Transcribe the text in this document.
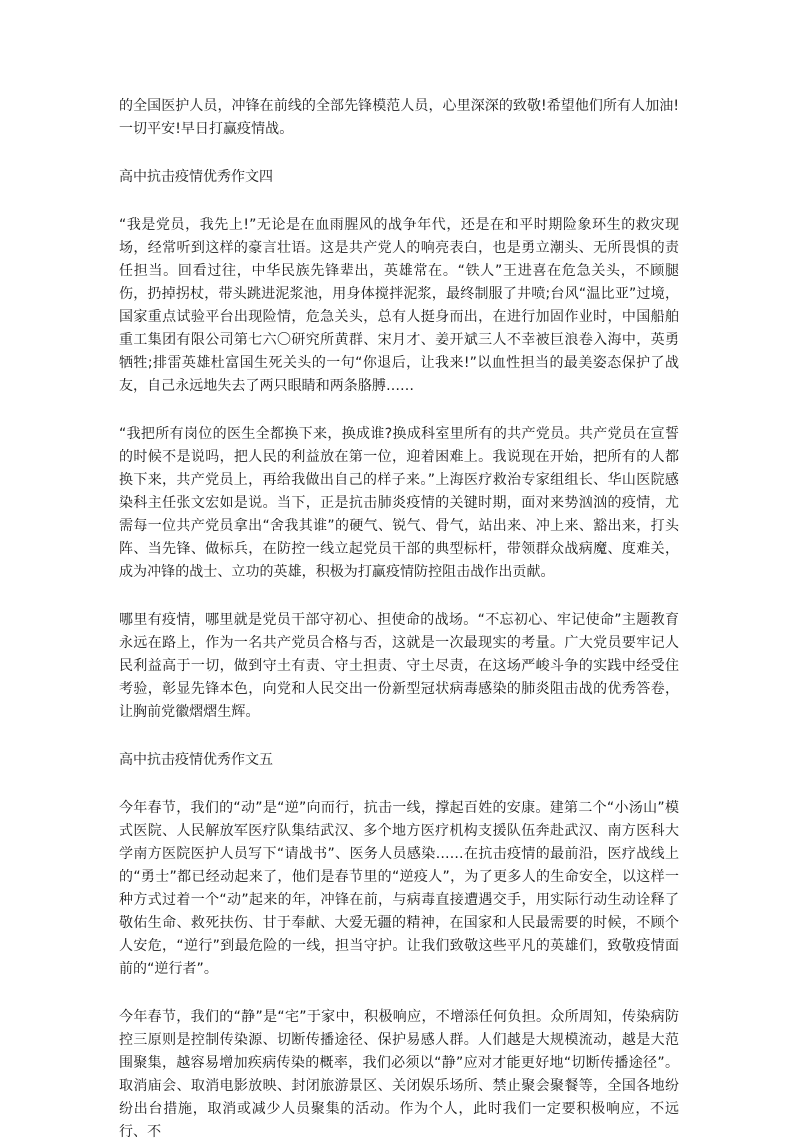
的全国医护人员，冲锋在前线的全部先锋模范人员，心里深深的致敬!希望他们所有人加油!一切平安!早日打赢疫情战。

高中抗击疫情优秀作文四

“我是党员，我先上!”无论是在血雨腥风的战争年代，还是在和平时期险象环生的救灾现场，经常听到这样的豪言壮语。这是共产党人的响亮表白，也是勇立潮头、无所畏惧的责任担当。回看过往，中华民族先锋辈出，英雄常在。“铁人”王进喜在危急关头，不顾腿伤，扔掉拐杖，带头跳进泥浆池，用身体搅拌泥浆，最终制服了井喷;台风“温比亚”过境，国家重点试验平台出现险情，危急关头，总有人挺身而出，在进行加固作业时，中国船舶重工集团有限公司第七六〇研究所黄群、宋月才、姜开斌三人不幸被巨浪卷入海中，英勇牺牲;排雷英雄杜富国生死关头的一句“你退后，让我来!”以血性担当的最美姿态保护了战友，自己永远地失去了两只眼睛和两条胳膊……

“我把所有岗位的医生全都换下来，换成谁?换成科室里所有的共产党员。共产党员在宣誓的时候不是说吗，把人民的利益放在第一位，迎着困难上。我说现在开始，把所有的人都换下来，共产党员上，再给我做出自己的样子来。”上海医疗救治专家组组长、华山医院感染科主任张文宏如是说。当下，正是抗击肺炎疫情的关键时期，面对来势汹汹的疫情，尤需每一位共产党员拿出“舍我其谁”的硬气、锐气、骨气，站出来、冲上来、豁出来，打头阵、当先锋、做标兵，在防控一线立起党员干部的典型标杆，带领群众战病魔、度难关，成为冲锋的战士、立功的英雄，积极为打赢疫情防控阻击战作出贡献。

哪里有疫情，哪里就是党员干部守初心、担使命的战场。“不忘初心、牢记使命”主题教育永远在路上，作为一名共产党员合格与否，这就是一次最现实的考量。广大党员要牢记人民利益高于一切，做到守土有责、守土担责、守土尽责，在这场严峻斗争的实践中经受住考验，彰显先锋本色，向党和人民交出一份新型冠状病毒感染的肺炎阻击战的优秀答卷，让胸前党徽熠熠生辉。

高中抗击疫情优秀作文五

今年春节，我们的“动”是“逆”向而行，抗击一线，撑起百姓的安康。建第二个“小汤山”模式医院、人民解放军医疗队集结武汉、多个地方医疗机构支援队伍奔赴武汉、南方医科大学南方医院医护人员写下“请战书”、医务人员感染……在抗击疫情的最前沿，医疗战线上的“勇士”都已经动起来了，他们是春节里的“逆疫人”，为了更多人的生命安全，以这样一种方式过着一个“动”起来的年，冲锋在前，与病毒直接遭遇交手，用实际行动生动诠释了敬佑生命、救死扶伤、甘于奉献、大爱无疆的精神，在国家和人民最需要的时候，不顾个人安危，“逆行”到最危险的一线，担当守护。让我们致敬这些平凡的英雄们，致敬疫情面前的“逆行者”。

今年春节，我们的“静”是“宅”于家中，积极响应，不增添任何负担。众所周知，传染病防控三原则是控制传染源、切断传播途径、保护易感人群。人们越是大规模流动，越是大范围聚集，越容易增加疾病传染的概率，我们必须以“静”应对才能更好地“切断传播途径”。取消庙会、取消电影放映、封闭旅游景区、关闭娱乐场所、禁止聚会聚餐等，全国各地纷纷出台措施，取消或减少人员聚集的活动。作为个人，此时我们一定要积极响应，不远行、不
